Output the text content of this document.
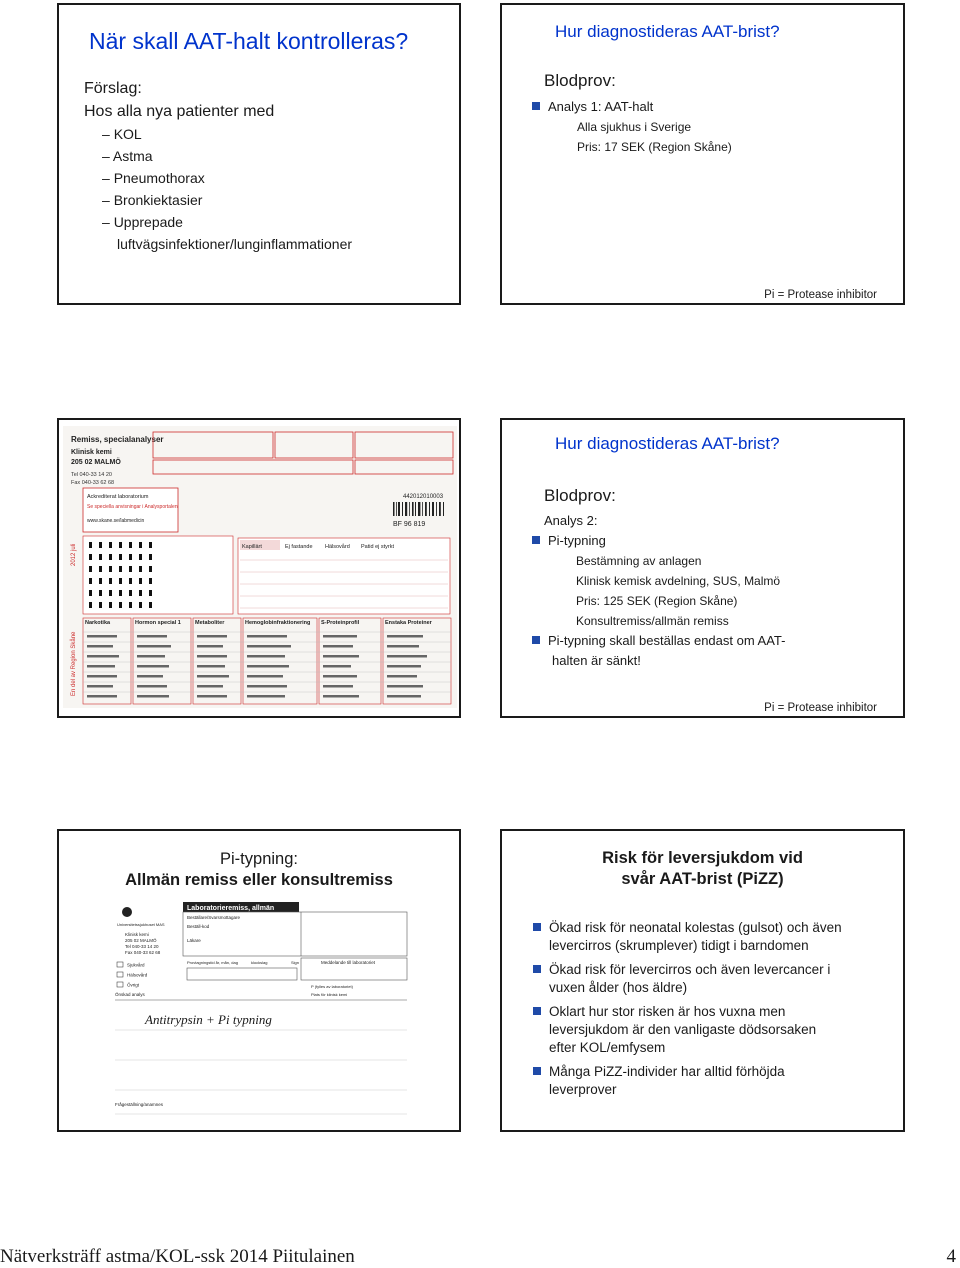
När skall AAT-halt kontrolleras?
Förslag:
Hos alla nya patienter med
– KOL
– Astma
– Pneumothorax
– Bronkiektasier
– Upprepade
luftvägsinfektioner/lunginflammationer
Hur diagnostideras AAT-brist?
Blodprov:
Analys 1: AAT-halt
Alla sjukhus i Sverige
Pris: 17 SEK (Region Skåne)
Pi = Protease inhibitor
Remiss, specialanalyser
Klinisk kemi
205 02 MALMÖ
Tel 040-33 14 20
Fax 040-33 62 68
Ackrediterat laboratorium
Se speciella anvisningar i Analysportalen
www.skane.se/labmedicin
442012010003
BF 96 819
2012 juli
En del av Region Skåne
Kapillärt	Ej fastande Hälsovård Patid ej styrkt
Narkotika	Hormon special 1	Metaboliter	Hemoglobinfraktionering S-Proteinprofil	Enstaka Proteiner
Hur diagnostideras AAT-brist?
Blodprov:
Analys 2:
Pi-typning
Bestämning av anlagen
Klinisk kemisk avdelning, SUS, Malmö
Pris: 125 SEK (Region Skåne)
Konsultremiss/allmän remiss
Pi-typning skall beställas endast om AAT-
halten är sänkt!
Pi = Protease inhibitor
Pi-typning:
Allmän remiss eller konsultremiss
Universitetssjukhuset MAS
Klinisk kemi
205 02 MALMÖ
Tel 040-33 14 20
Fax 040-33 62 68
Laboratorieremiss, allmän
Beställare/Svarsmottagare
Beställ-kod
Läkare
Sjukvård
Hälsovård
Övrigt
Önskad analys
Provtagningstid år, mån, dag	klockslag	Sign	Meddelande till laboratoriet
P (fylles av laboratoriet)
Plats för klinisk kemi
Antitrypsin + Pi typning
Frågeställning/anamnes
Risk för leversjukdom vid
svår AAT-brist (PiZZ)
Ökad risk för neonatal kolestas (gulsot) och även
levercirros (skrumplever) tidigt i barndomen
Ökad risk för levercirros och även levercancer i
vuxen ålder (hos äldre)
Oklart hur stor risken är hos vuxna men
leversjukdom är den vanligaste dödsorsaken
efter KOL/emfysem
Många PiZZ-individer har alltid förhöjda
leverprover
Nätverksträff astma/KOL-ssk 2014 Piitulainen	4
